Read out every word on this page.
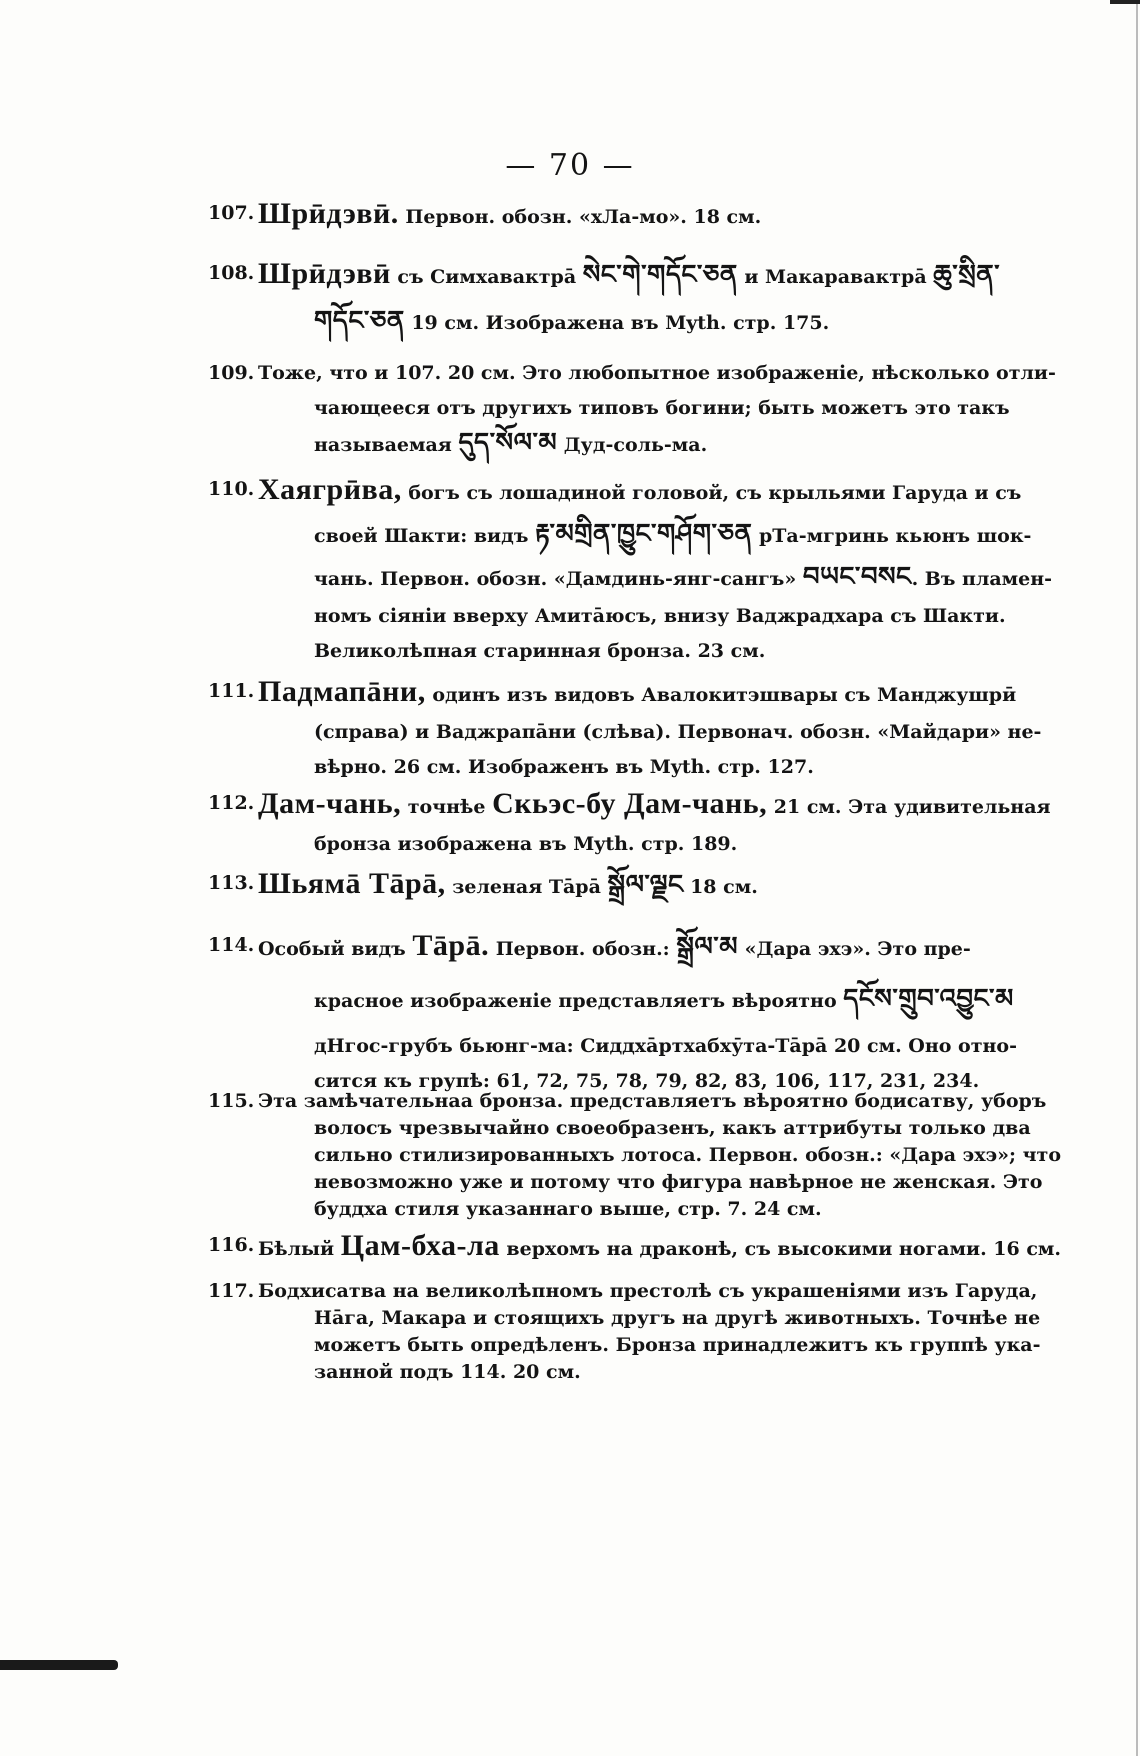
— 70 —
107. Шрӣдэвӣ. Первон. обозн. «хЛа-мо». 18 см.
108. Шрӣдэвӣ съ Симхавактрā སེང་གེ་གདོང་ཅན и Макаравактрā ཆུ་སྲིན་
གདོང་ཅན 19 см. Изображена въ Myth. стр. 175.
109. Тоже, что и 107. 20 см. Это любопытное изображеніе, нѣсколько отли-
чающееся отъ другихъ типовъ богини; быть можетъ это такъ
называемая དུད་སོལ་མ Дуд-соль-ма.
110. Хаягрӣва, богъ съ лошадиной головой, съ крыльями Гаруда и съ
своей Шакти: видъ རྟ་མགྲིན་ཁྱུང་གཤོག་ཅན рТа-мгринь кьюнъ шок-
чань. Первон. обозн. «Дамдинь-янг-сангъ» བཡང་བསང. Въ пламен-
номъ сіяніи вверху Амитāюсъ, внизу Ваджрадхара съ Шакти.
Великолѣпная старинная бронза. 23 см.
111. Падмапāни, одинъ изъ видовъ Авалокитэшвары съ Манджушрӣ
(справа) и Ваджрапāни (слѣва). Первонач. обозн. «Майдари» не-
вѣрно. 26 см. Изображенъ въ Myth. стр. 127.
112. Дам-чань, точнѣе Скьэс-бу Дам-чань, 21 см. Эта удивительная
бронза изображена въ Myth. стр. 189.
113. Шьямā Тāрā, зеленая Тāрā སྒྲོལ་ལྗང 18 см.
114. Особый видъ Тāрā. Первон. обозн.: སྒྲོལ་མ «Дара эхэ». Это пре-
красное изображеніе представляетъ вѣроятно དངོས་གྲུབ་འབྱུང་མ
дНгос-грубъ бьюнг-ма: Сиддхāртхабхӯта-Тāрā 20 см. Оно отно-
сится къ групѣ: 61, 72, 75, 78, 79, 82, 83, 106, 117, 231, 234.
115. Эта замѣчательнаа бронза. представляетъ вѣроятно бодисатву, уборъ
волосъ чрезвычайно своеобразенъ, какъ аттрибуты только два
сильно стилизированныхъ лотоса. Первон. обозн.: «Дара эхэ»; что
невозможно уже и потому что фигура навѣрное не женская. Это
буддха стиля указаннаго выше, стр. 7. 24 см.
116. Бѣлый Цам-бха-ла верхомъ на драконѣ, съ высокими ногами. 16 см.
117. Бодхисатва на великолѣпномъ престолѣ съ украшеніями изъ Гаруда,
Нāга, Макара и стоящихъ другъ на другѣ животныхъ. Точнѣе не
можетъ быть опредѣленъ. Бронза принадлежитъ къ группѣ ука-
занной подъ 114. 20 см.
